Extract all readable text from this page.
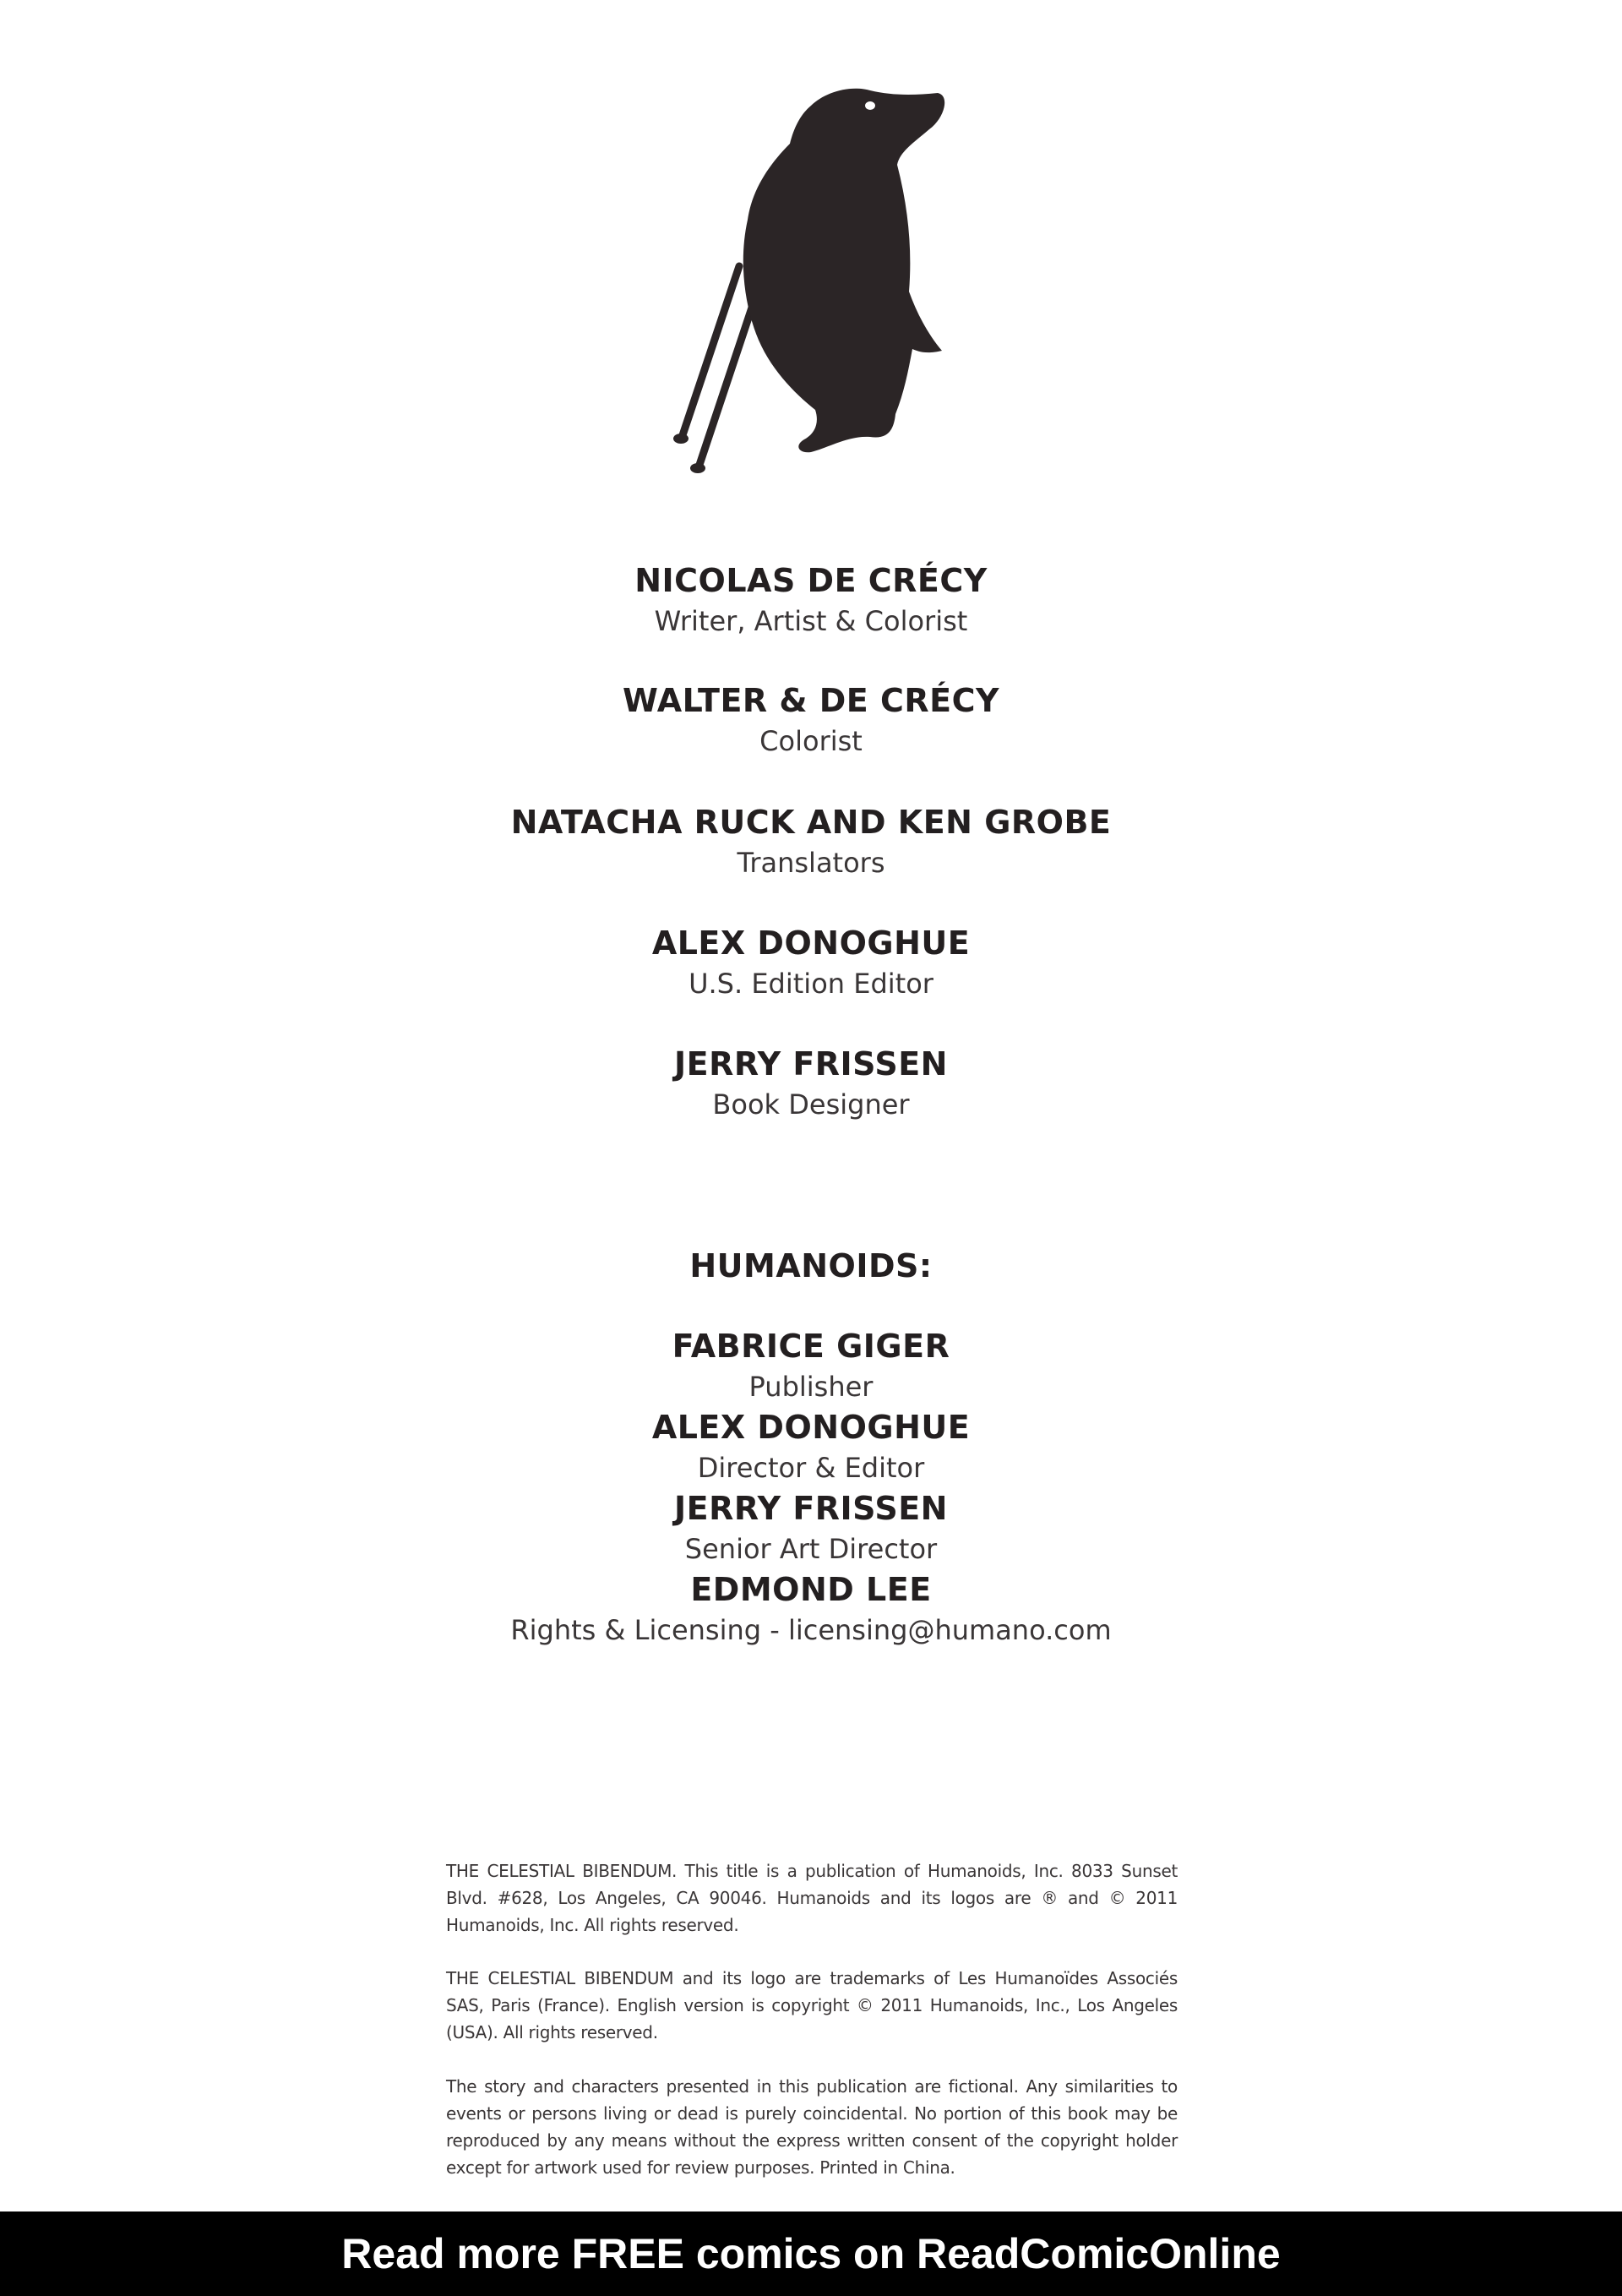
NICOLAS DE CRÉCY
Writer, Artist & Colorist
WALTER & DE CRÉCY
Colorist
NATACHA RUCK AND KEN GROBE
Translators
ALEX DONOGHUE
U.S. Edition Editor
JERRY FRISSEN
Book Designer
HUMANOIDS:
FABRICE GIGER
Publisher
ALEX DONOGHUE
Director & Editor
JERRY FRISSEN
Senior Art Director
EDMOND LEE
Rights & Licensing - licensing@humano.com
THE CELESTIAL BIBENDUM. This title is a publication of Humanoids, Inc. 8033 Sunset Blvd. #628, Los Angeles, CA 90046. Humanoids and its logos are ® and © 2011 Humanoids, Inc. All rights reserved.
THE CELESTIAL BIBENDUM and its logo are trademarks of Les Humanoïdes Associés SAS, Paris (France). English version is copyright © 2011 Humanoids, Inc., Los Angeles (USA). All rights reserved.
The story and characters presented in this publication are fictional. Any similarities to events or persons living or dead is purely coincidental. No portion of this book may be reproduced by any means without the express written consent of the copyright holder except for artwork used for review purposes. Printed in China.
Read more FREE comics on ReadComicOnline
